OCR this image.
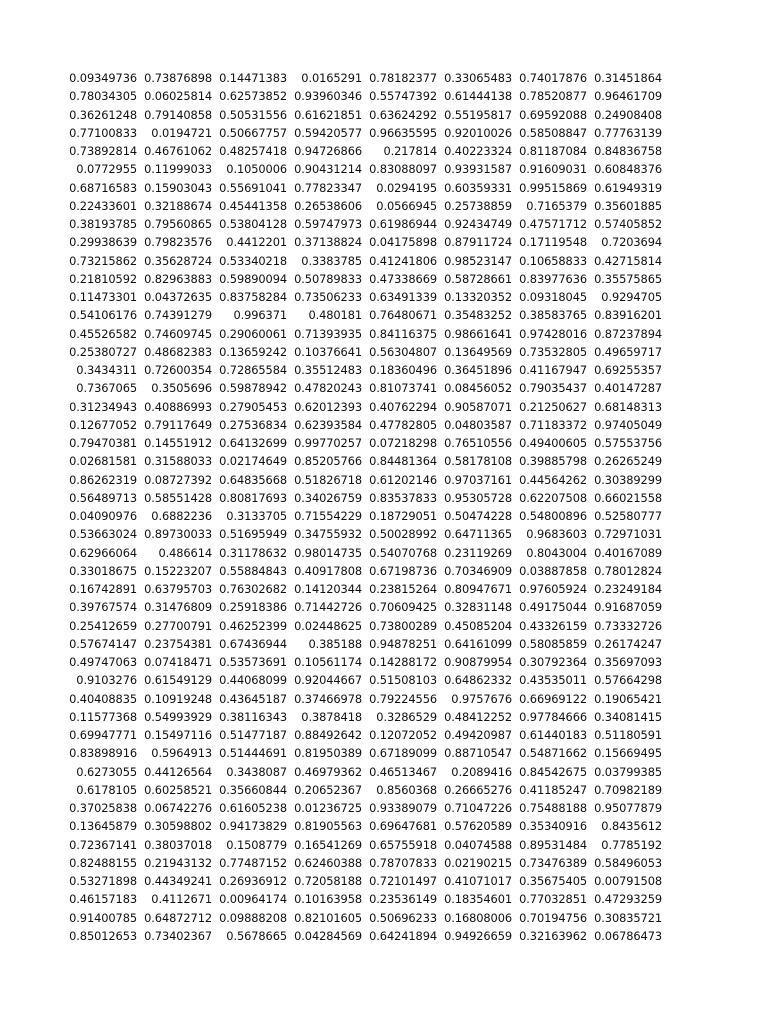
0.09349736	0.73876898	0.14471383	0.0165291	0.78182377	0.33065483	0.74017876	0.31451864
0.78034305	0.06025814	0.62573852	0.93960346	0.55747392	0.61444138	0.78520877	0.96461709
0.36261248	0.79140858	0.50531556	0.61621851	0.63624292	0.55195817	0.69592088	0.24908408
0.77100833	0.0194721	0.50667757	0.59420577	0.96635595	0.92010026	0.58508847	0.77763139
0.73892814	0.46761062	0.48257418	0.94726866	0.217814	0.40223324	0.81187084	0.84836758
0.0772955	0.11999033	0.1050006	0.90431214	0.83088097	0.93931587	0.91609031	0.60848376
0.68716583	0.15903043	0.55691041	0.77823347	0.0294195	0.60359331	0.99515869	0.61949319
0.22433601	0.32188674	0.45441358	0.26538606	0.0566945	0.25738859	0.7165379	0.35601885
0.38193785	0.79560865	0.53804128	0.59747973	0.61986944	0.92434749	0.47571712	0.57405852
0.29938639	0.79823576	0.4412201	0.37138824	0.04175898	0.87911724	0.17119548	0.7203694
0.73215862	0.35628724	0.53340218	0.3383785	0.41241806	0.98523147	0.10658833	0.42715814
0.21810592	0.82963883	0.59890094	0.50789833	0.47338669	0.58728661	0.83977636	0.35575865
0.11473301	0.04372635	0.83758284	0.73506233	0.63491339	0.13320352	0.09318045	0.9294705
0.54106176	0.74391279	0.996371	0.480181	0.76480671	0.35483252	0.38583765	0.83916201
0.45526582	0.74609745	0.29060061	0.71393935	0.84116375	0.98661641	0.97428016	0.87237894
0.25380727	0.48682383	0.13659242	0.10376641	0.56304807	0.13649569	0.73532805	0.49659717
0.3434311	0.72600354	0.72865584	0.35512483	0.18360496	0.36451896	0.41167947	0.69255357
0.7367065	0.3505696	0.59878942	0.47820243	0.81073741	0.08456052	0.79035437	0.40147287
0.31234943	0.40886993	0.27905453	0.62012393	0.40762294	0.90587071	0.21250627	0.68148313
0.12677052	0.79117649	0.27536834	0.62393584	0.47782805	0.04803587	0.71183372	0.97405049
0.79470381	0.14551912	0.64132699	0.99770257	0.07218298	0.76510556	0.49400605	0.57553756
0.02681581	0.31588033	0.02174649	0.85205766	0.84481364	0.58178108	0.39885798	0.26265249
0.86262319	0.08727392	0.64835668	0.51826718	0.61202146	0.97037161	0.44564262	0.30389299
0.56489713	0.58551428	0.80817693	0.34026759	0.83537833	0.95305728	0.62207508	0.66021558
0.04090976	0.6882236	0.3133705	0.71554229	0.18729051	0.50474228	0.54800896	0.52580777
0.53663024	0.89730033	0.51695949	0.34755932	0.50028992	0.64711365	0.9683603	0.72971031
0.62966064	0.486614	0.31178632	0.98014735	0.54070768	0.23119269	0.8043004	0.40167089
0.33018675	0.15223207	0.55884843	0.40917808	0.67198736	0.70346909	0.03887858	0.78012824
0.16742891	0.63795703	0.76302682	0.14120344	0.23815264	0.80947671	0.97605924	0.23249184
0.39767574	0.31476809	0.25918386	0.71442726	0.70609425	0.32831148	0.49175044	0.91687059
0.25412659	0.27700791	0.46252399	0.02448625	0.73800289	0.45085204	0.43326159	0.73332726
0.57674147	0.23754381	0.67436944	0.385188	0.94878251	0.64161099	0.58085859	0.26174247
0.49747063	0.07418471	0.53573691	0.10561174	0.14288172	0.90879954	0.30792364	0.35697093
0.9103276	0.61549129	0.44068099	0.92044667	0.51508103	0.64862332	0.43535011	0.57664298
0.40408835	0.10919248	0.43645187	0.37466978	0.79224556	0.9757676	0.66969122	0.19065421
0.11577368	0.54993929	0.38116343	0.3878418	0.3286529	0.48412252	0.97784666	0.34081415
0.69947771	0.15497116	0.51477187	0.88492642	0.12072052	0.49420987	0.61440183	0.51180591
0.83898916	0.5964913	0.51444691	0.81950389	0.67189099	0.88710547	0.54871662	0.15669495
0.6273055	0.44126564	0.3438087	0.46979362	0.46513467	0.2089416	0.84542675	0.03799385
0.6178105	0.60258521	0.35660844	0.20652367	0.8560368	0.26665276	0.41185247	0.70982189
0.37025838	0.06742276	0.61605238	0.01236725	0.93389079	0.71047226	0.75488188	0.95077879
0.13645879	0.30598802	0.94173829	0.81905563	0.69647681	0.57620589	0.35340916	0.8435612
0.72367141	0.38037018	0.1508779	0.16541269	0.65755918	0.04074588	0.89531484	0.7785192
0.82488155	0.21943132	0.77487152	0.62460388	0.78707833	0.02190215	0.73476389	0.58496053
0.53271898	0.44349241	0.26936912	0.72058188	0.72101497	0.41071017	0.35675405	0.00791508
0.46157183	0.4112671	0.00964174	0.10163958	0.23536149	0.18354601	0.77032851	0.47293259
0.91400785	0.64872712	0.09888208	0.82101605	0.50696233	0.16808006	0.70194756	0.30835721
0.85012653	0.73402367	0.5678665	0.04284569	0.64241894	0.94926659	0.32163962	0.06786473
